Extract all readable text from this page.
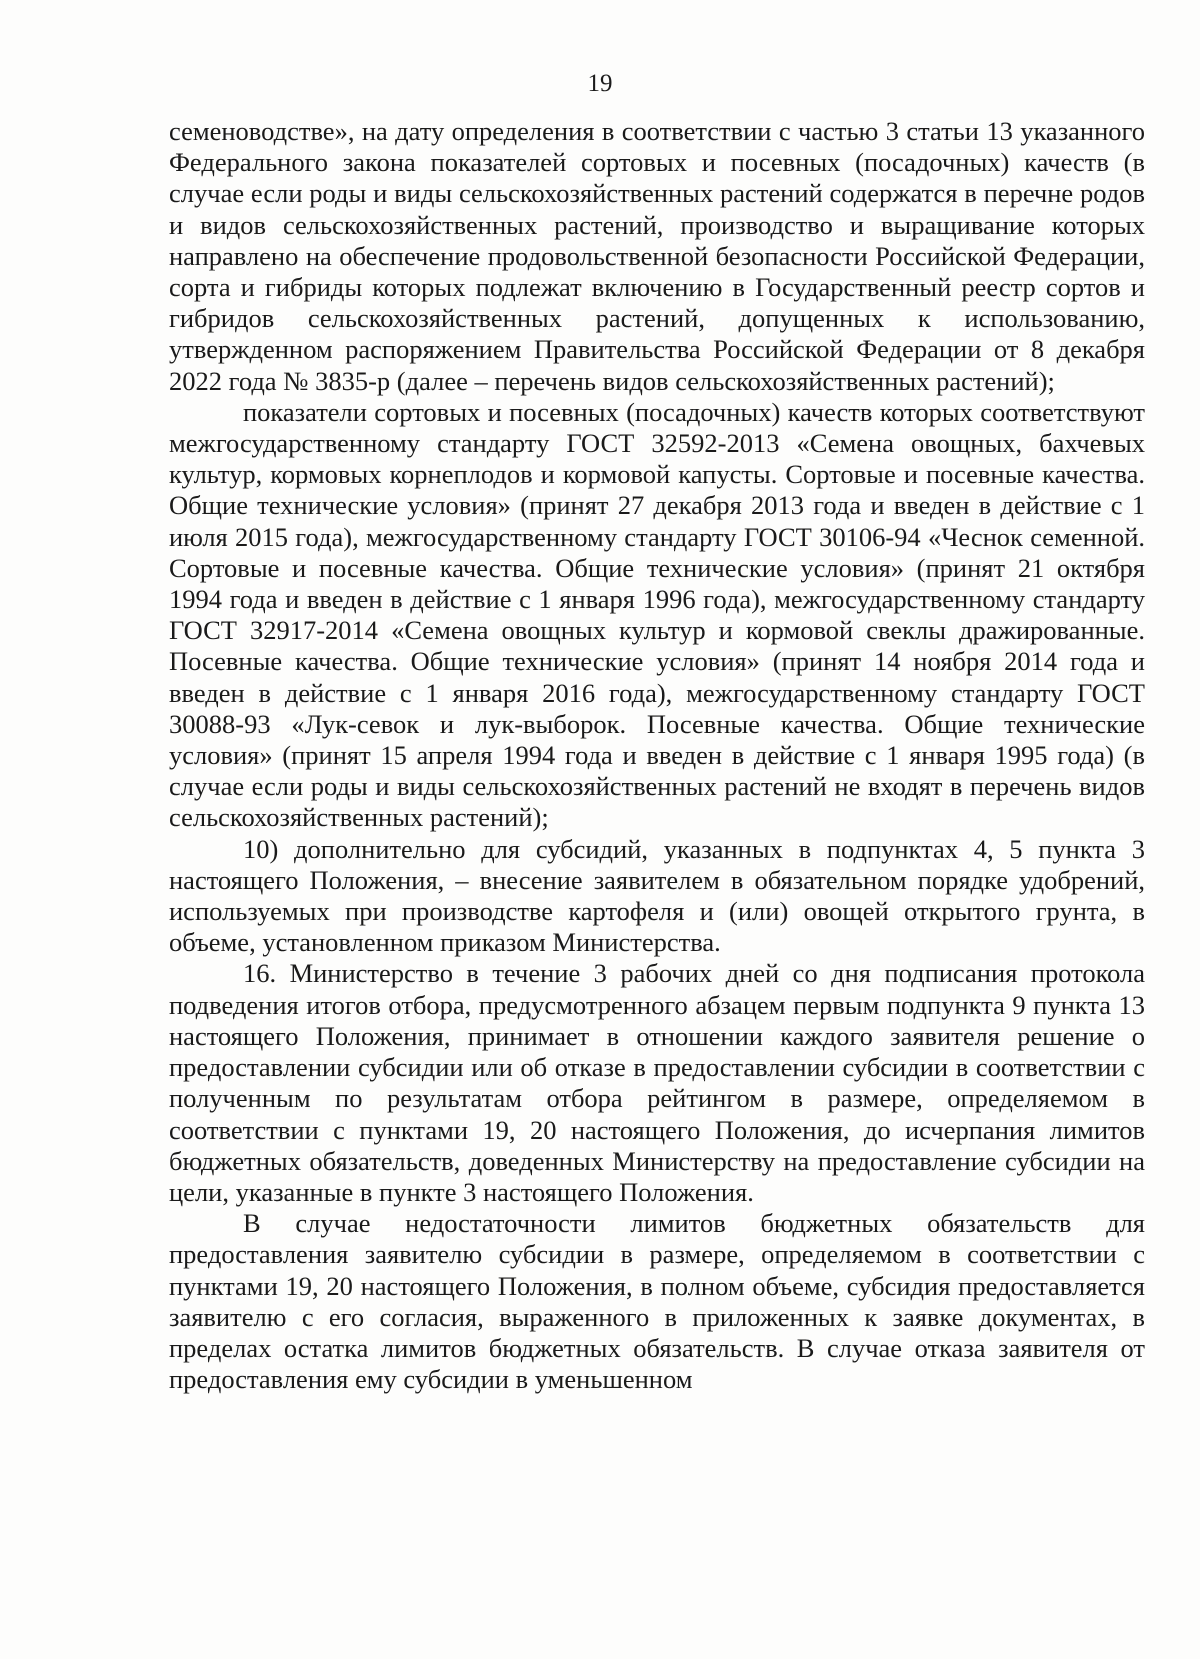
19

семеноводстве», на дату определения в соответствии с частью 3 статьи 13 указанного Федерального закона показателей сортовых и посевных (посадочных) качеств (в случае если роды и виды сельскохозяйственных растений содержатся в перечне родов и видов сельскохозяйственных растений, производство и выращивание которых направлено на обеспечение продовольственной безопасности Российской Федерации, сорта и гибриды которых подлежат включению в Государственный реестр сортов и гибридов сельскохозяйственных растений, допущенных к использованию, утвержденном распоряжением Правительства Российской Федерации от 8 декабря 2022 года № 3835-р (далее – перечень видов сельскохозяйственных растений);

показатели сортовых и посевных (посадочных) качеств которых соответствуют межгосударственному стандарту ГОСТ 32592-2013 «Семена овощных, бахчевых культур, кормовых корнеплодов и кормовой капусты. Сортовые и посевные качества. Общие технические условия» (принят 27 декабря 2013 года и введен в действие с 1 июля 2015 года), межгосударственному стандарту ГОСТ 30106-94 «Чеснок семенной. Сортовые и посевные качества. Общие технические условия» (принят 21 октября 1994 года и введен в действие с 1 января 1996 года), межгосударственному стандарту ГОСТ 32917-2014 «Семена овощных культур и кормовой свеклы дражированные. Посевные качества. Общие технические условия» (принят 14 ноября 2014 года и введен в действие с 1 января 2016 года), межгосударственному стандарту ГОСТ 30088-93 «Лук-севок и лук-выборок. Посевные качества. Общие технические условия» (принят 15 апреля 1994 года и введен в действие с 1 января 1995 года) (в случае если роды и виды сельскохозяйственных растений не входят в перечень видов сельскохозяйственных растений);

10) дополнительно для субсидий, указанных в подпунктах 4, 5 пункта 3 настоящего Положения, – внесение заявителем в обязательном порядке удобрений, используемых при производстве картофеля и (или) овощей открытого грунта, в объеме, установленном приказом Министерства.

16. Министерство в течение 3 рабочих дней со дня подписания протокола подведения итогов отбора, предусмотренного абзацем первым подпункта 9 пункта 13 настоящего Положения, принимает в отношении каждого заявителя решение о предоставлении субсидии или об отказе в предоставлении субсидии в соответствии с полученным по результатам отбора рейтингом в размере, определяемом в соответствии с пунктами 19, 20 настоящего Положения, до исчерпания лимитов бюджетных обязательств, доведенных Министерству на предоставление субсидии на цели, указанные в пункте 3 настоящего Положения.

В случае недостаточности лимитов бюджетных обязательств для предоставления заявителю субсидии в размере, определяемом в соответствии с пунктами 19, 20 настоящего Положения, в полном объеме, субсидия предоставляется заявителю с его согласия, выраженного в приложенных к заявке документах, в пределах остатка лимитов бюджетных обязательств. В случае отказа заявителя от предоставления ему субсидии в уменьшенном
